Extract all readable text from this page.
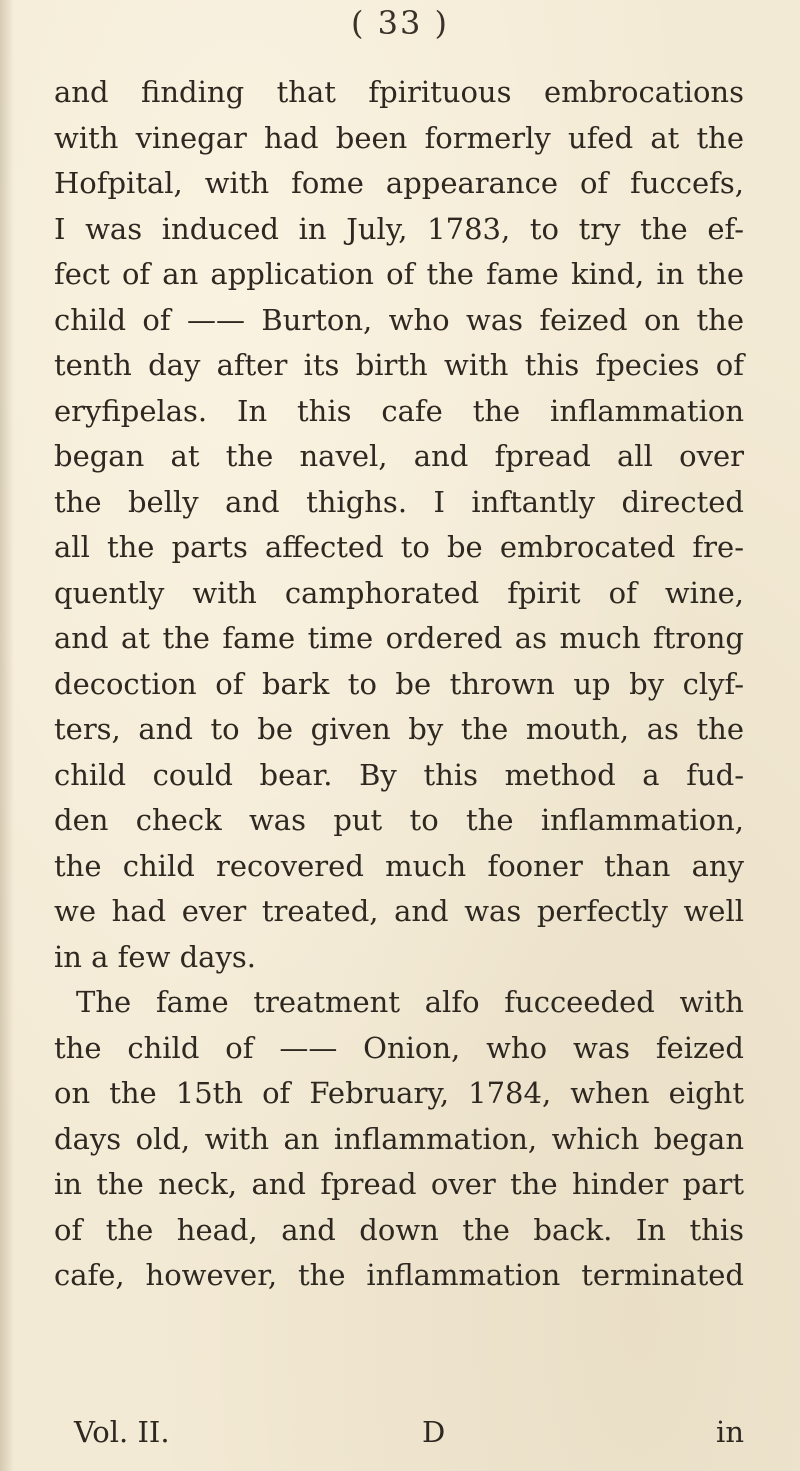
( 33 )
and finding that fpirituous embrocations
with vinegar had been formerly ufed at the
Hofpital, with fome appearance of fuccefs,
I was induced in July, 1783, to try the ef-
fect of an application of the fame kind, in the
child of —— Burton, who was feized on the
tenth day after its birth with this fpecies of
eryfipelas. In this cafe the inflammation
began at the navel, and fpread all over
the belly and thighs. I inftantly directed
all the parts affected to be embrocated fre-
quently with camphorated fpirit of wine,
and at the fame time ordered as much ftrong
decoction of bark to be thrown up by clyf-
ters, and to be given by the mouth, as the
child could bear. By this method a fud-
den check was put to the inflammation,
the child recovered much fooner than any
we had ever treated, and was perfectly well
in a few days.
The fame treatment alfo fucceeded with
the child of —— Onion, who was feized
on the 15th of February, 1784, when eight
days old, with an inflammation, which began
in the neck, and fpread over the hinder part
of the head, and down the back. In this
cafe, however, the inflammation terminated
Vol. II.	D	in
